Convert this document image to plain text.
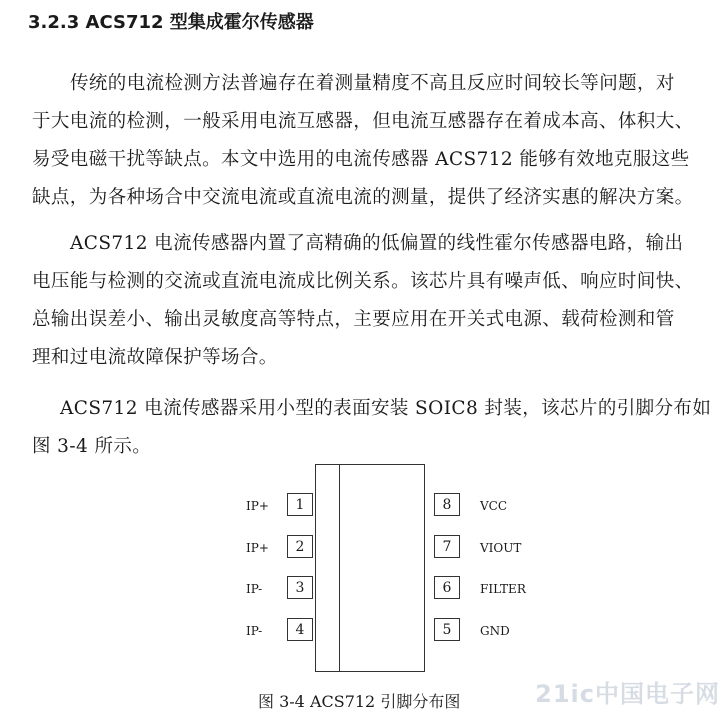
3.2.3 ACS712 型集成霍尔传感器
传统的电流检测方法普遍存在着测量精度不高且反应时间较长等问题，对
于大电流的检测，一般采用电流互感器，但电流互感器存在着成本高、体积大、
易受电磁干扰等缺点。本文中选用的电流传感器 ACS712 能够有效地克服这些
缺点，为各种场合中交流电流或直流电流的测量，提供了经济实惠的解决方案。
ACS712 电流传感器内置了高精确的低偏置的线性霍尔传感器电路，输出
电压能与检测的交流或直流电流成比例关系。该芯片具有噪声低、响应时间快、
总输出误差小、输出灵敏度高等特点，主要应用在开关式电源、载荷检测和管
理和过电流故障保护等场合。
ACS712 电流传感器采用小型的表面安装 SOIC8 封装，该芯片的引脚分布如
图 3-4 所示。
IP+	1
IP+	2
IP-	3
IP-	4
8	VCC
7	VIOUT
6	FILTER
5	GND
图 3-4 ACS712 引脚分布图	21ic中国电子网
